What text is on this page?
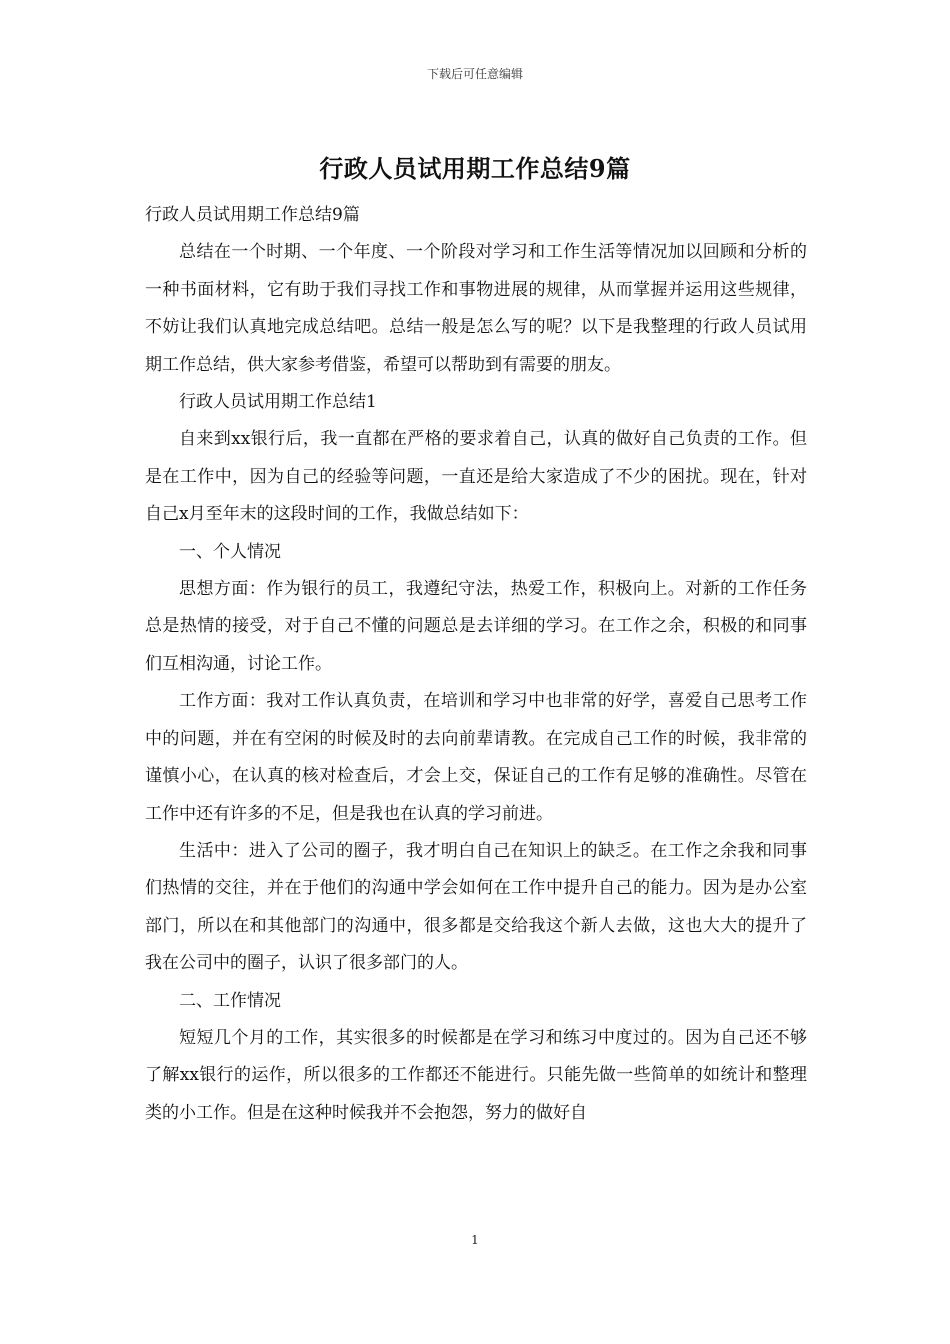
下载后可任意编辑
行政人员试用期工作总结9篇

行政人员试用期工作总结9篇

总结在一个时期、一个年度、一个阶段对学习和工作生活等情况加以回顾和分析的一种书面材料，它有助于我们寻找工作和事物进展的规律，从而掌握并运用这些规律，不妨让我们认真地完成总结吧。总结一般是怎么写的呢？以下是我整理的行政人员试用期工作总结，供大家参考借鉴，希望可以帮助到有需要的朋友。

行政人员试用期工作总结1

自来到xx银行后，我一直都在严格的要求着自己，认真的做好自己负责的工作。但是在工作中，因为自己的经验等问题，一直还是给大家造成了不少的困扰。现在，针对自己x月至年末的这段时间的工作，我做总结如下：

一、个人情况

思想方面：作为银行的员工，我遵纪守法，热爱工作，积极向上。对新的工作任务总是热情的接受，对于自己不懂的问题总是去详细的学习。在工作之余，积极的和同事们互相沟通，讨论工作。

工作方面：我对工作认真负责，在培训和学习中也非常的好学，喜爱自己思考工作中的问题，并在有空闲的时候及时的去向前辈请教。在完成自己工作的时候，我非常的谨慎小心，在认真的核对检查后，才会上交，保证自己的工作有足够的准确性。尽管在工作中还有许多的不足，但是我也在认真的学习前进。

生活中：进入了公司的圈子，我才明白自己在知识上的缺乏。在工作之余我和同事们热情的交往，并在于他们的沟通中学会如何在工作中提升自己的能力。因为是办公室部门，所以在和其他部门的沟通中，很多都是交给我这个新人去做，这也大大的提升了我在公司中的圈子，认识了很多部门的人。

二、工作情况

短短几个月的工作，其实很多的时候都是在学习和练习中度过的。因为自己还不够了解xx银行的运作，所以很多的工作都还不能进行。只能先做一些简单的如统计和整理类的小工作。但是在这种时候我并不会抱怨，努力的做好自

1
